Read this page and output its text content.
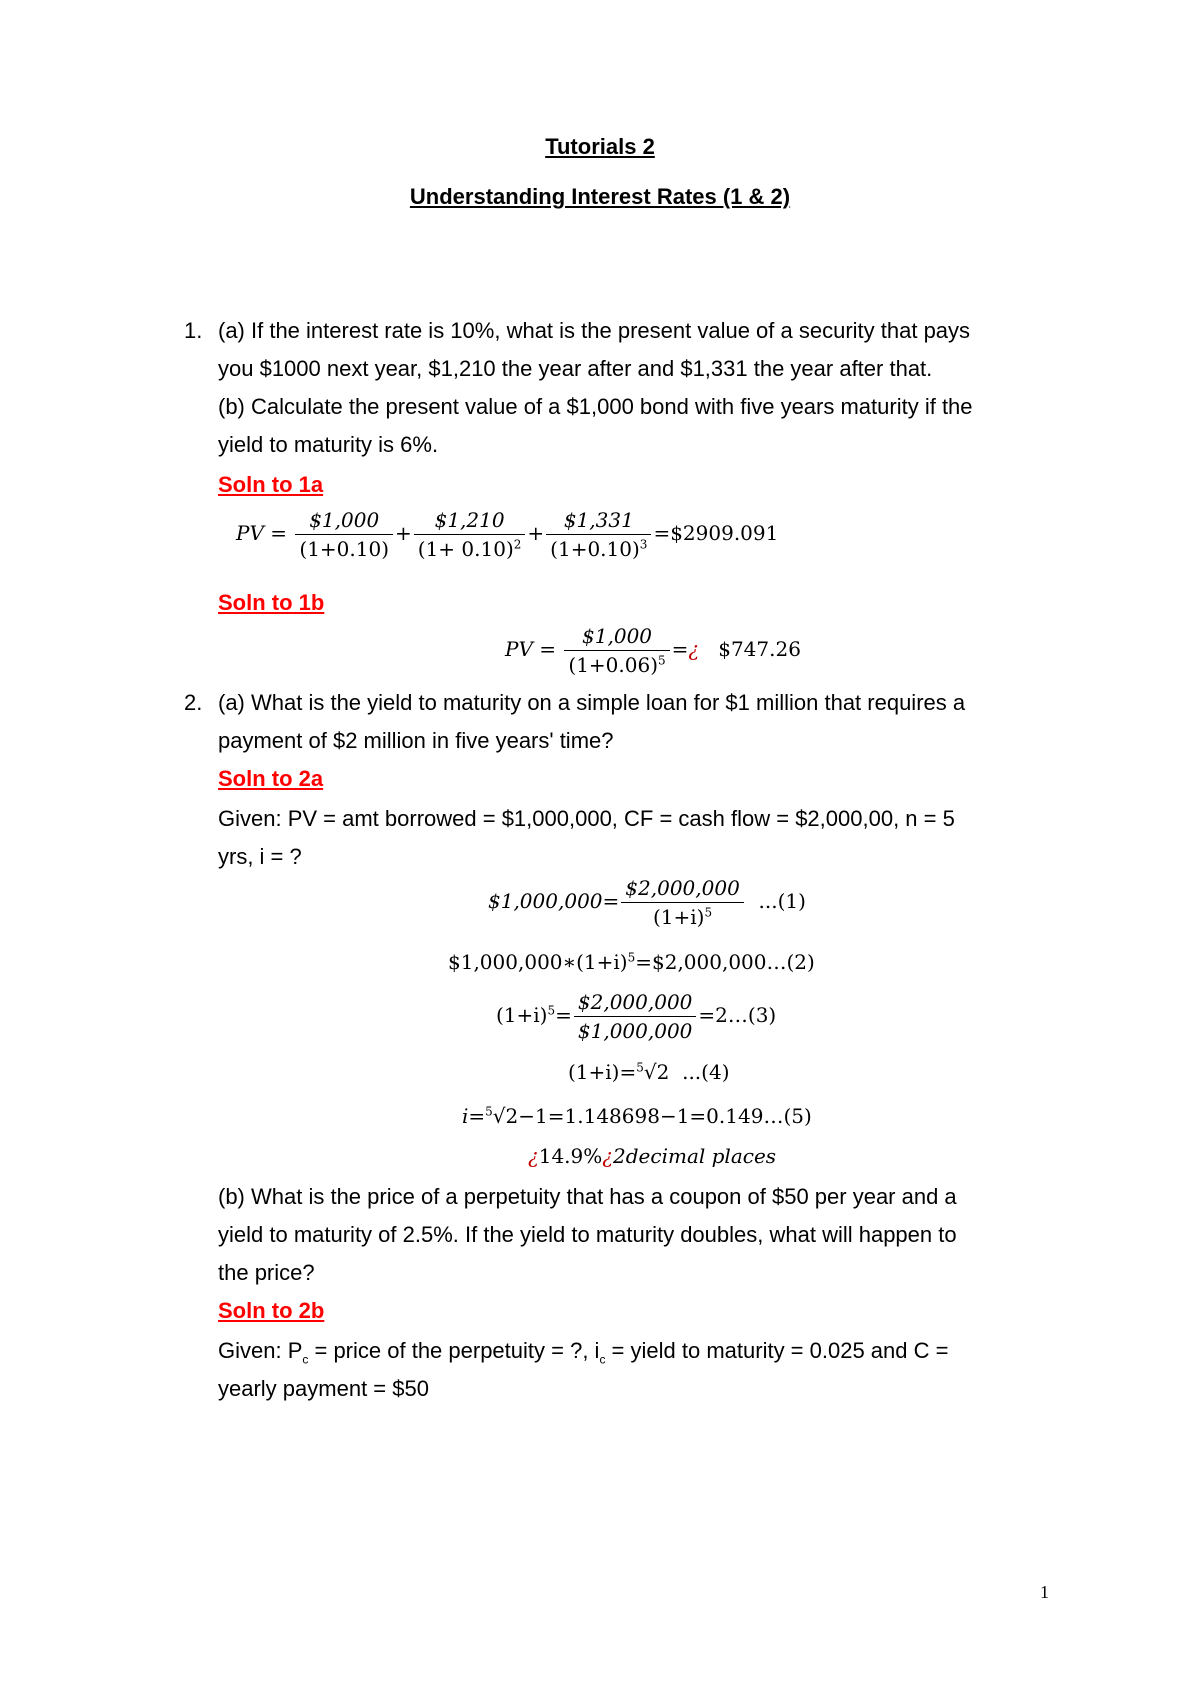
Tutorials 2
Understanding Interest Rates (1 & 2)
1. (a) If the interest rate is 10%, what is the present value of a security that pays
you $1000 next year, $1,210 the year after and $1,331 the year after that.
(b) Calculate the present value of a $1,000 bond with five years maturity if the
yield to maturity is 6%.
Soln to 1a
PV = $\frac{\$1,000}{(1+0.10)} + \frac{\$1,210}{(1+ 0.10)^2} + \frac{\$1,331}{(1+0.10)^3}$ =$2909.091
Soln to 1b
PV = $\frac{\$1,000}{(1+0.06)^5}$ =¿ $747.26
2. (a) What is the yield to maturity on a simple loan for $1 million that requires a
payment of $2 million in five years' time?
Soln to 2a
Given: PV = amt borrowed = $1,000,000, CF = cash flow = $2,000,00, n = 5
yrs, i = ?
$1,000,000= $\frac{\$2,000,000}{(1+i)^5} ...(1)$
$\$1,000,000∗(1+i)^5=\$2,000,000\dots(2)$
$(1+i)^5= \frac{\$2,000,000}{\$1,000,000}$ =2…(3)
(1+i)=$^5$√2 ...(4)
i=$^5$√2−1=1.148698−1=0.149…(5)
¿14.9%¿2decimal places
(b) What is the price of a perpetuity that has a coupon of $50 per year and a
yield to maturity of 2.5%. If the yield to maturity doubles, what will happen to
the price?
Soln to 2b
Given: $P_c$ = price of the perpetuity = ?, $i_c$ = yield to maturity = 0.025 and C =
yearly payment = $50
1
